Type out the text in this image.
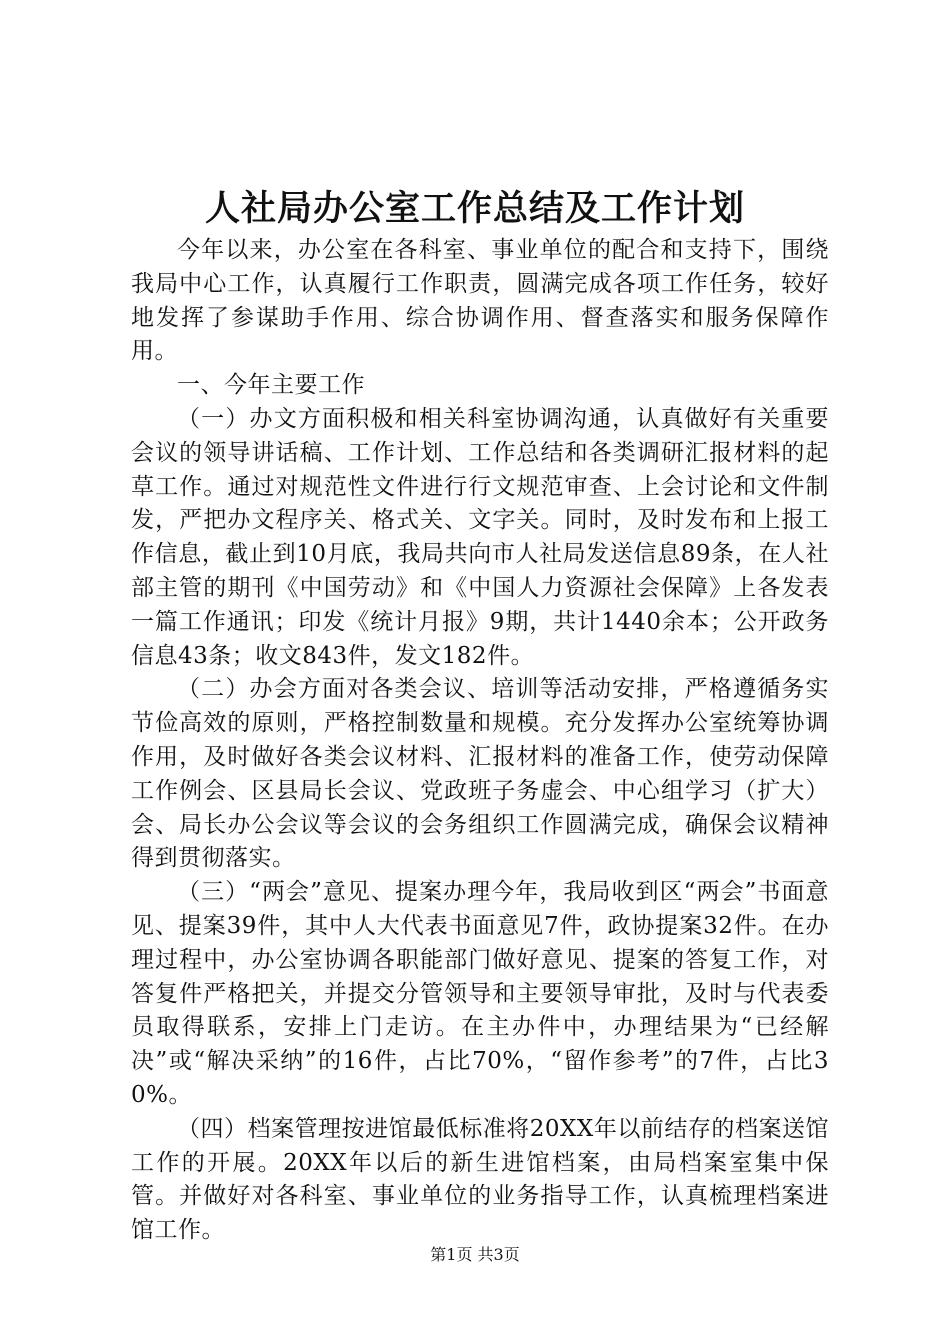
人社局办公室工作总结及工作计划

今年以来，办公室在各科室、事业单位的配合和支持下，围绕我局中心工作，认真履行工作职责，圆满完成各项工作任务，较好地发挥了参谋助手作用、综合协调作用、督查落实和服务保障作用。

一、今年主要工作

（一）办文方面积极和相关科室协调沟通，认真做好有关重要会议的领导讲话稿、工作计划、工作总结和各类调研汇报材料的起草工作。通过对规范性文件进行行文规范审查、上会讨论和文件制发，严把办文程序关、格式关、文字关。同时，及时发布和上报工作信息，截止到10月底，我局共向市人社局发送信息89条，在人社部主管的期刊《中国劳动》和《中国人力资源社会保障》上各发表一篇工作通讯；印发《统计月报》9期，共计1440余本；公开政务信息43条；收文843件，发文182件。

（二）办会方面对各类会议、培训等活动安排，严格遵循务实节俭高效的原则，严格控制数量和规模。充分发挥办公室统筹协调作用，及时做好各类会议材料、汇报材料的准备工作，使劳动保障工作例会、区县局长会议、党政班子务虚会、中心组学习（扩大）会、局长办公会议等会议的会务组织工作圆满完成，确保会议精神得到贯彻落实。

（三）“两会”意见、提案办理今年，我局收到区“两会”书面意见、提案39件，其中人大代表书面意见7件，政协提案32件。在办理过程中，办公室协调各职能部门做好意见、提案的答复工作，对答复件严格把关，并提交分管领导和主要领导审批，及时与代表委员取得联系，安排上门走访。在主办件中，办理结果为“已经解决”或“解决采纳”的16件，占比70%，“留作参考”的7件，占比30%。

（四）档案管理按进馆最低标准将20XX年以前结存的档案送馆工作的开展。20XX年以后的新生进馆档案，由局档案室集中保管。并做好对各科室、事业单位的业务指导工作，认真梳理档案进馆工作。

第1页 共3页
